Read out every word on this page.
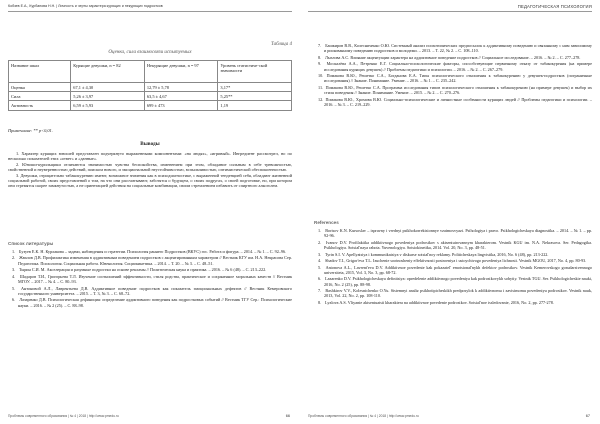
Кобзев Е.А., Курбанова Н.Н. | Личность и черты характера курящих и некурящих подростков
Таблица 4
Оценка, сила взаимосвязи испытуемых
Название шкал	Курящие девушки, n = 82	Некурящие девушки, n = 97	Уровень статистиче-ской значимости
Оценка	67,1 ± 4,30	12,79 ± 5,78	3,17*
Сила	5,26 ± 3,97	63,5 ± 4,67	5,25**
Активность	6,59 ± 5,93	699 ± 473	1,19
Примечание: ** p<0,01.
Выводы

1. Характер курящих юношей представлен подчеркнуто выраженными компонентами: «на людях», «игривый». Ингредиент рассмотрел, но по несколько показателей этих «ответ» и «данные».

2. Юноши-курильщики отличаются значимостью чувства беспокойства, изменением при этом, обладание сильным в себе тревожностью, свойственной и неуверенностью действий, поиском нового, и эмоциональной неустойчивостью, вспыльчивостью, оптимистической обеспокоенностью.

3. Девушки, отрицательно табакокурению имеют, возможное значения как в психодиагностике, с выраженной тенденцией себя, обладают жизненной социальной работой, своих представлений о том, на что они рассчитывают, заботятся о будущем, о своих подругах, о своей подготовке, но, при котором они стремятся скорее замкнутостью, а не ориентацией действия на социальные комбинации, своим стремлением избавить от спиртного алкоголем.

Список литературы
1. Бузуев Е.К. Н. Курлакова – задачи, наблюдения и стратегии. Психология раннего Подростков (ВКУС) гос. Работа и фигура. – 2014. – № 1. – С. 92–96.
2. Жвалов Д.В. Профилактика изменения в аддиктивным поведением подростков с акцентированным характером // Вестник КГУ им. Н.А. Некрасова Сер. Педагогика. Психология. Социальная работа. Ювенология. Социокинетика. – 2014. – Т. 20. – № 3. – С. 48–51.
3. Тырин С.И. М. Акселерация и разумные подростки на основе рекламы // Политическая наука и практика. – 2016. – № 6 (48). – С. 213–222.
4. Шадаров Т.И., Григорьева Т.Л. Изучение соотношений эффективности, стиля родства, практическое и сохраненное моральных качеств // Вестник МГОУ. – 2017. – № 4. – С. 80–93.
5. Антоновой А.Л., Лаврентьева Д.В. Аддиктивное поведение подростков как показатель эмоциональных дефектов // Вестник Кемеровского государственного университета. – 2015. – Т. 3, № 3. – С. 68–72.
6. Лазаренко Д.В. Психологическая дефиниция: определение аддиктивного поведения как подростковых событий // Вестник ТГУ Сер.: Психологические науки. – 2016. – № 2 (25). – С. 88–98.
Проблемы современного образования | № 4 | 2018 | http://www.pmedu.ru	66
ПЕДАГОГИЧЕСКАЯ ПСИХОЛОГИЯ
7. Башкиров В.В., Колесниченко О.Ю. Системный анализ психотипических предпосылок к аддиктивному поведению и связанному с ним зависимому и рискованному поведению подростков и молодежи. – 2013. – Т. 22, № 2. – С. 108–110.
8. Лызлова А.С. Влияние акцентуации характера на аддиктивное поведение подростков // Социальное исследование. – 2016. – № 2. – С. 277–278.
9. Москалёва А.А., Петренко Е.Г. Социально-психологические факторы, способствующие первичному отказу от табакокурения (на примере исследования курящих девушек) // Проблемы педагогики и психологии. – 2016. – № 2. – С. 267–279.
10. Помакова В.Ю., Решетко С.А., Богданова Е.А. Типы психологического отношения к табакокурению у девушек-подростков (пограничные исследования) // Знание. Понимание. Умение. – 2016. – № 1. – С. 235–242.
11. Помакова В.Ю., Решетко С.А. Программа исследования типов психологического отношения к табакокурению (на примере девушек) и выбор их стиля поведения // Знание. Понимание. Умение. – 2015. – № 2. – С. 270–276.
12. Помакова В.Ю., Хромова В.Ю. Социально-психологические и личностные особенности курящих людей // Проблемы педагогики и психологии. – 2016. – № 3. – С. 219–229.
References
1. Borisov K.N. Kursoslav – ispravny i vrednyi psikhokorrektsionnye vzaimosvyazi. Psihologiya i pravo. Psikhologicheskaya diagnostika. – 2014. – № 1. – pp. 92-96.
2. Ivanov D.V. Profilaktika addiktivnogo povedeniya podrostkov s aktsentuirovannym kharakterom. Vestnik KGU im. N.A. Nekrasova. Ser. Pedagogika. Psikhologiya. Sotsial'naya rabota. Yuvenologiya. Sotsiokinetika, 2014. Vol. 20, No. 3, pp. 48-51.
3. Tyrin S.I. V. Apellyatsiya i kommunikatsiya v diskurse sotsial'noy reklamy. Politicheskaya lingvistika, 2016, No. 6 (48), pp. 213-222.
4. Shadov T.I., Grigor'eva T.L. Izuchenie sootnosheniy effektivnosti postroeniya i ustoychivogo povedeniya lichnosti. Vestnik MGOU, 2017, No. 4, pp. 80-93.
5. Antonova A.L., Lavrent'eva D.V. Addiktivnoe povedenie kak pokazatel' emotsional'nykh defektov podrostkov. Vestnik Kemerovskogo gosudarstvennogo universiteta, 2015, Vol. 3, No. 3, pp. 68-72.
6. Lazarenko D.V. Psikhologicheskaya definitsiya: opredelenie addiktivnogo povedeniya kak podrostkovykh sobytiy. Vestnik TGU. Ser. Psikhologicheskie nauki, 2016, No. 2 (25), pp. 88-98.
7. Bashkirov V.V., Kolesnichenko O.Yu. Sistemnyi analiz psikhotipicheskikh predposylok k addiktivnomu i zavisimomu povedeniyu podrostkov. Vestnik nauk, 2013, Vol. 22, No. 2, pp. 108-110.
8. Lyzlova A.S. Vliyanie aktsentuatsii kharaktera na addiktivnoe povedenie podrostkov. Sotsial'noe issledovanie, 2016, No. 2, pp. 277-278.
Проблемы современного образования | № 4 | 2018 | http://www.pmedu.ru	67
